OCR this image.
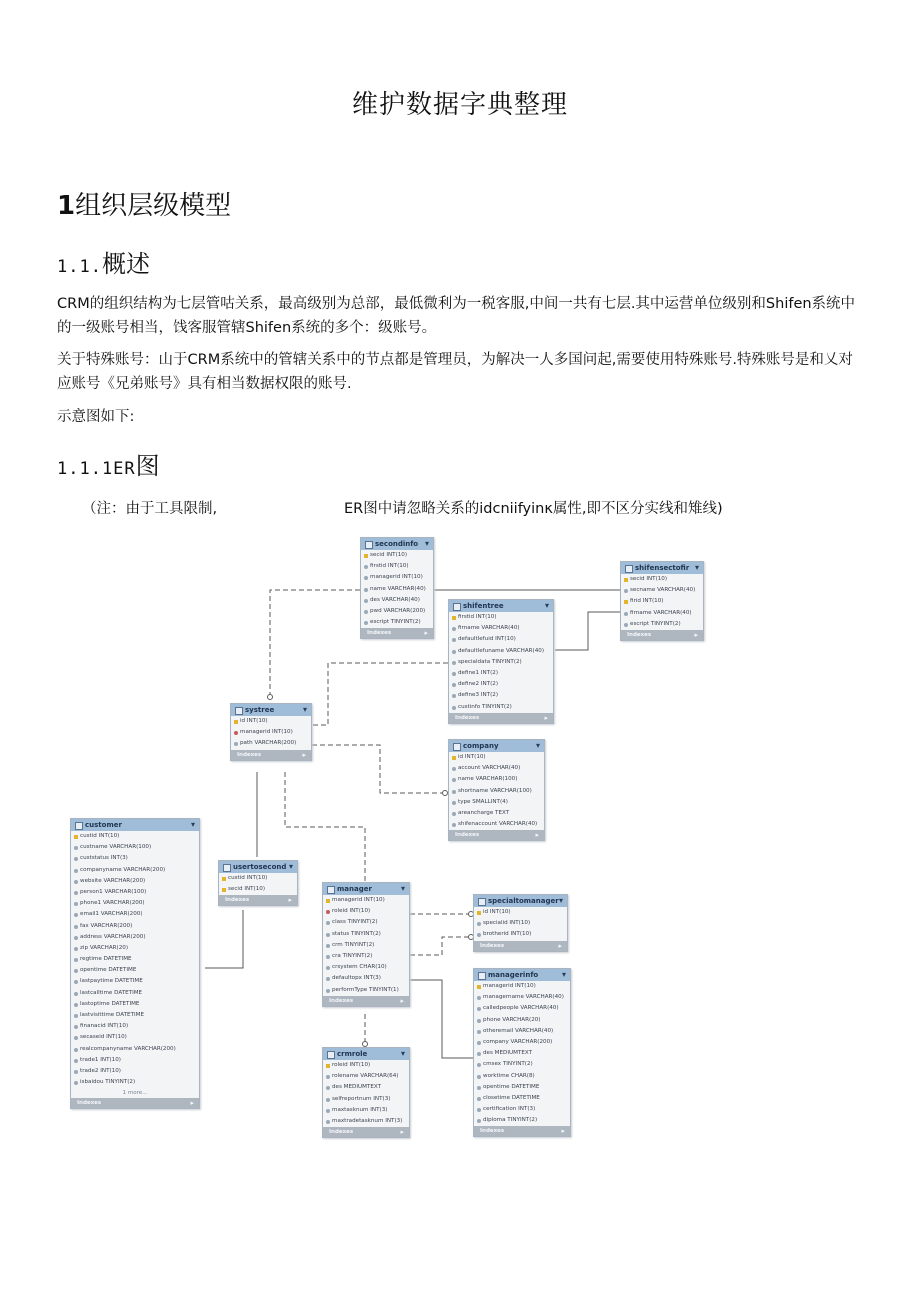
维护数据字典整理
1组织层级模型
1.1.概述
CRM的组织结构为七层管咕关系，最高级别为总部，最低微利为一税客服,中间一共有七层.其中运营单位级别和Shifen系统中的一级账号相当，饯客服管辖Shifen系统的多个：级账号。
关于特殊账号：山于CRM系统中的管辖关系中的节点都是管理员，为解决一人多国问起,需要使用特殊账号.特殊账号是和乂对应账号《兄弟账号》具有相当数据权限的账号.
示意图如下:
1.1.1ER图
（注：由于工具限制,	ER图中请忽略关系的idcniifyinκ属性,即不区分实线和雉线)
secondinfo ▾
secid INT(10)
firstid INT(10)
managerid INT(10)
name VARCHAR(40)
des VARCHAR(40)
pwd VARCHAR(200)
escript TINYINT(2)
Indexes ▸
shifensectofir ▾
secid INT(10)
secname VARCHAR(40)
firid INT(10)
firname VARCHAR(40)
escript TINYINT(2)
Indexes ▸
shifentree ▾
firstid INT(10)
firname VARCHAR(40)
defaultlefuid INT(10)
defaultlefuname VARCHAR(40)
specialdata TINYINT(2)
define1 INT(2)
define2 INT(2)
define3 INT(2)
custinfo TINYINT(2)
Indexes ▸
systree ▾
id INT(10)
managerid INT(10)
path VARCHAR(200)
Indexes ▸
company ▾
id INT(10)
account VARCHAR(40)
name VARCHAR(100)
shortname VARCHAR(100)
type SMALLINT(4)
areancharge TEXT
shifenaccount VARCHAR(40)
Indexes ▸
customer ▾
custid INT(10)
custname VARCHAR(100)
custstatus INT(3)
companyname VARCHAR(200)
website VARCHAR(200)
person1 VARCHAR(100)
phone1 VARCHAR(200)
email1 VARCHAR(200)
fax VARCHAR(200)
address VARCHAR(200)
zip VARCHAR(20)
regtime DATETIME
opentime DATETIME
lastpaytime DATETIME
lastcalltime DATETIME
lastoptime DATETIME
lastvisittime DATETIME
finanacid INT(10)
secaseid INT(10)
realcompanyname VARCHAR(200)
trade1 INT(10)
trade2 INT(10)
isbaidou TINYINT(2)
1 more...
Indexes ▸
usertosecond ▾
custid INT(10)
secid INT(10)
Indexes ▸
manager ▾
managerid INT(10)
roleid INT(10)
class TINYINT(2)
status TINYINT(2)
crm TINYINT(2)
cra TINYINT(2)
crsystem CHAR(10)
defaultopx INT(3)
performType TINYINT(1)
Indexes ▸
specialtomanager ▾
id INT(10)
specialid INT(10)
brotherid INT(10)
Indexes ▸
managerinfo ▾
managerid INT(10)
managername VARCHAR(40)
calledpeople VARCHAR(40)
phone VARCHAR(20)
otheremail VARCHAR(40)
company VARCHAR(200)
des MEDIUMTEXT
cmsex TINYINT(2)
worktime CHAR(8)
opentime DATETIME
closetime DATETIME
certification INT(3)
diploma TINYINT(2)
Indexes ▸
crmrole ▾
roleid INT(10)
rolename VARCHAR(64)
des MEDIUMTEXT
selfreportnum INT(3)
maxtasknum INT(3)
maxtradetasknum INT(3)
Indexes ▸
